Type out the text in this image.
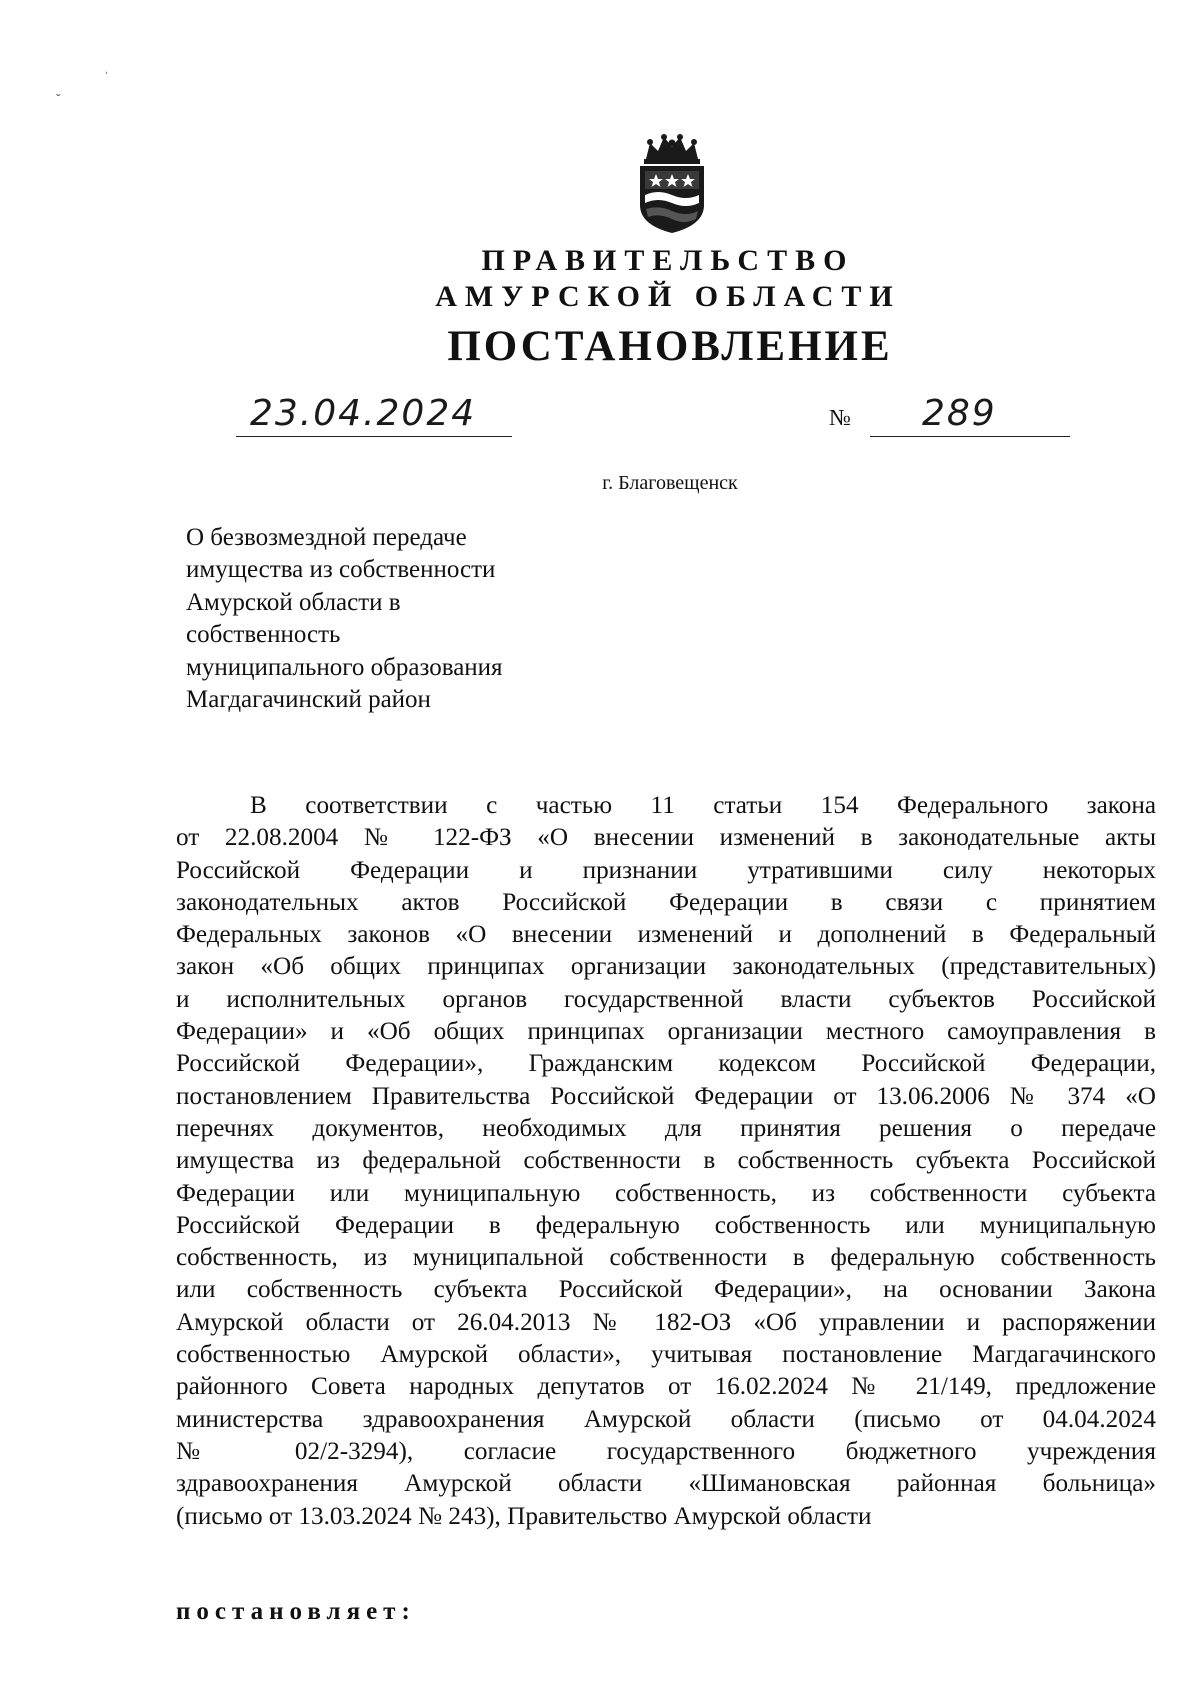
ˌ
ˬ
ПРАВИТЕЛЬСТВО
АМУРСКОЙ ОБЛАСТИ
ПОСТАНОВЛЕНИЕ
23.04.2024	№ 289
г. Благовещенск
О безвозмездной передаче
имущества из собственности
Амурской области в
собственность
муниципального образования
Магдагачинский район
В соответствии с частью 11 статьи 154 Федерального закона
от 22.08.2004 № 122-ФЗ «О внесении изменений в законодательные акты
Российской Федерации и признании утратившими силу некоторых
законодательных актов Российской Федерации в связи с принятием
Федеральных законов «О внесении изменений и дополнений в Федеральный
закон «Об общих принципах организации законодательных (представительных)
и исполнительных органов государственной власти субъектов Российской
Федерации» и «Об общих принципах организации местного самоуправления в
Российской Федерации», Гражданским кодексом Российской Федерации,
постановлением Правительства Российской Федерации от 13.06.2006 № 374 «О
перечнях документов, необходимых для принятия решения о передаче
имущества из федеральной собственности в собственность субъекта Российской
Федерации или муниципальную собственность, из собственности субъекта
Российской Федерации в федеральную собственность или муниципальную
собственность, из муниципальной собственности в федеральную собственность
или собственность субъекта Российской Федерации», на основании Закона
Амурской области от 26.04.2013 № 182-ОЗ «Об управлении и распоряжении
собственностью Амурской области», учитывая постановление Магдагачинского
районного Совета народных депутатов от 16.02.2024 № 21/149, предложение
министерства здравоохранения Амурской области (письмо от 04.04.2024
№ 02/2-3294), согласие государственного бюджетного учреждения
здравоохранения Амурской области «Шимановская районная больница»
(письмо от 13.03.2024 № 243), Правительство Амурской области
постановляет:
